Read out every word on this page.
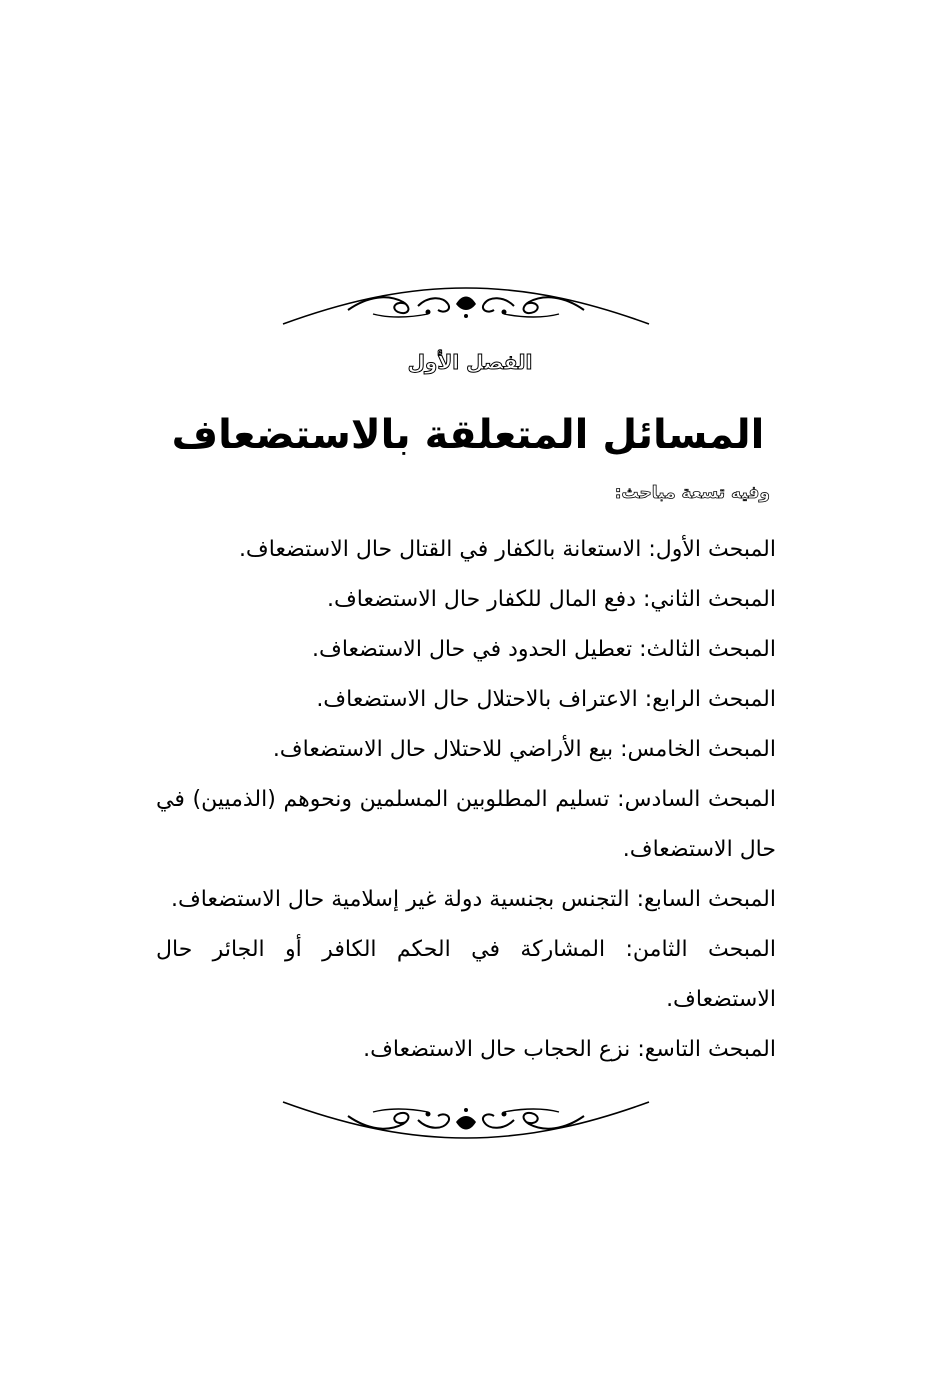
الفصل الأول
المسائل المتعلقة بالاستضعاف
وفيه تسعة مباحث:
المبحث الأول: الاستعانة بالكفار في القتال حال الاستضعاف.
المبحث الثاني: دفع المال للكفار حال الاستضعاف.
المبحث الثالث: تعطيل الحدود في حال الاستضعاف.
المبحث الرابع: الاعتراف بالاحتلال حال الاستضعاف.
المبحث الخامس: بيع الأراضي للاحتلال حال الاستضعاف.
المبحث السادس: تسليم المطلوبين المسلمين ونحوهم (الذميين) في حال الاستضعاف.
المبحث السابع: التجنس بجنسية دولة غير إسلامية حال الاستضعاف.
المبحث الثامن: المشاركة في الحكم الكافر أو الجائر حال الاستضعاف.
المبحث التاسع: نزع الحجاب حال الاستضعاف.
